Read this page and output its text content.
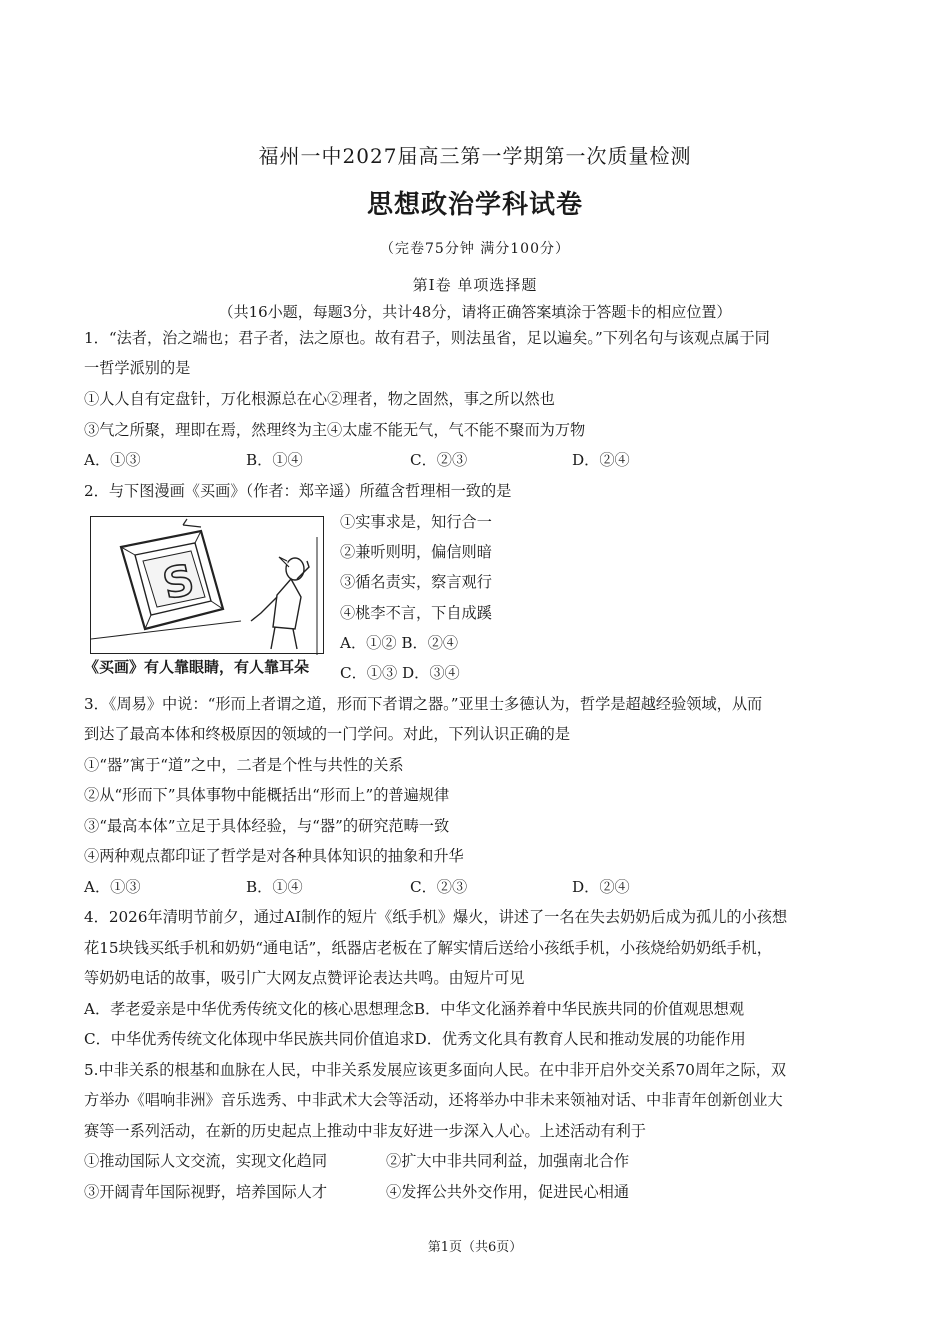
福州一中2027届高三第一学期第一次质量检测
思想政治学科试卷
（完卷75分钟 满分100分）
第Ⅰ卷 单项选择题
（共16小题，每题3分，共计48分，请将正确答案填涂于答题卡的相应位置）
1．“法者，治之端也；君子者，法之原也。故有君子，则法虽省，足以遍矣。”下列名句与该观点属于同
一哲学派别的是
①人人自有定盘针，万化根源总在心②理者，物之固然，事之所以然也
③气之所聚，理即在焉，然理终为主④太虚不能无气，气不能不聚而为万物
A．①③	B．①④	C．②③	D．②④
2．与下图漫画《买画》（作者：郑辛遥）所蕴含哲理相一致的是
S
《买画》有人靠眼睛，有人靠耳朵
①实事求是，知行合一
②兼听则明，偏信则暗
③循名责实，察言观行
④桃李不言，下自成蹊
A．①② B．②④
C．①③ D．③④
3．《周易》中说：“形而上者谓之道，形而下者谓之器。”亚里士多德认为，哲学是超越经验领域，从而
到达了最高本体和终极原因的领域的一门学问。对此，下列认识正确的是
①“器”寓于“道”之中，二者是个性与共性的关系
②从“形而下”具体事物中能概括出“形而上”的普遍规律
③“最高本体”立足于具体经验，与“器”的研究范畴一致
④两种观点都印证了哲学是对各种具体知识的抽象和升华
A．①③	B．①④	C．②③	D．②④
4．2026年清明节前夕，通过AI制作的短片《纸手机》爆火，讲述了一名在失去奶奶后成为孤儿的小孩想
花15块钱买纸手机和奶奶“通电话”，纸器店老板在了解实情后送给小孩纸手机，小孩烧给奶奶纸手机，
等奶奶电话的故事，吸引广大网友点赞评论表达共鸣。由短片可见
A．孝老爱亲是中华优秀传统文化的核心思想理念B．中华文化涵养着中华民族共同的价值观思想观
C．中华优秀传统文化体现中华民族共同价值追求D．优秀文化具有教育人民和推动发展的功能作用
5.中非关系的根基和血脉在人民，中非关系发展应该更多面向人民。在中非开启外交关系70周年之际，双
方举办《唱响非洲》音乐选秀、中非武术大会等活动，还将举办中非未来领袖对话、中非青年创新创业大
赛等一系列活动，在新的历史起点上推动中非友好进一步深入人心。上述活动有利于
①推动国际人文交流，实现文化趋同	②扩大中非共同利益，加强南北合作
③开阔青年国际视野，培养国际人才	④发挥公共外交作用，促进民心相通
第1页（共6页）
